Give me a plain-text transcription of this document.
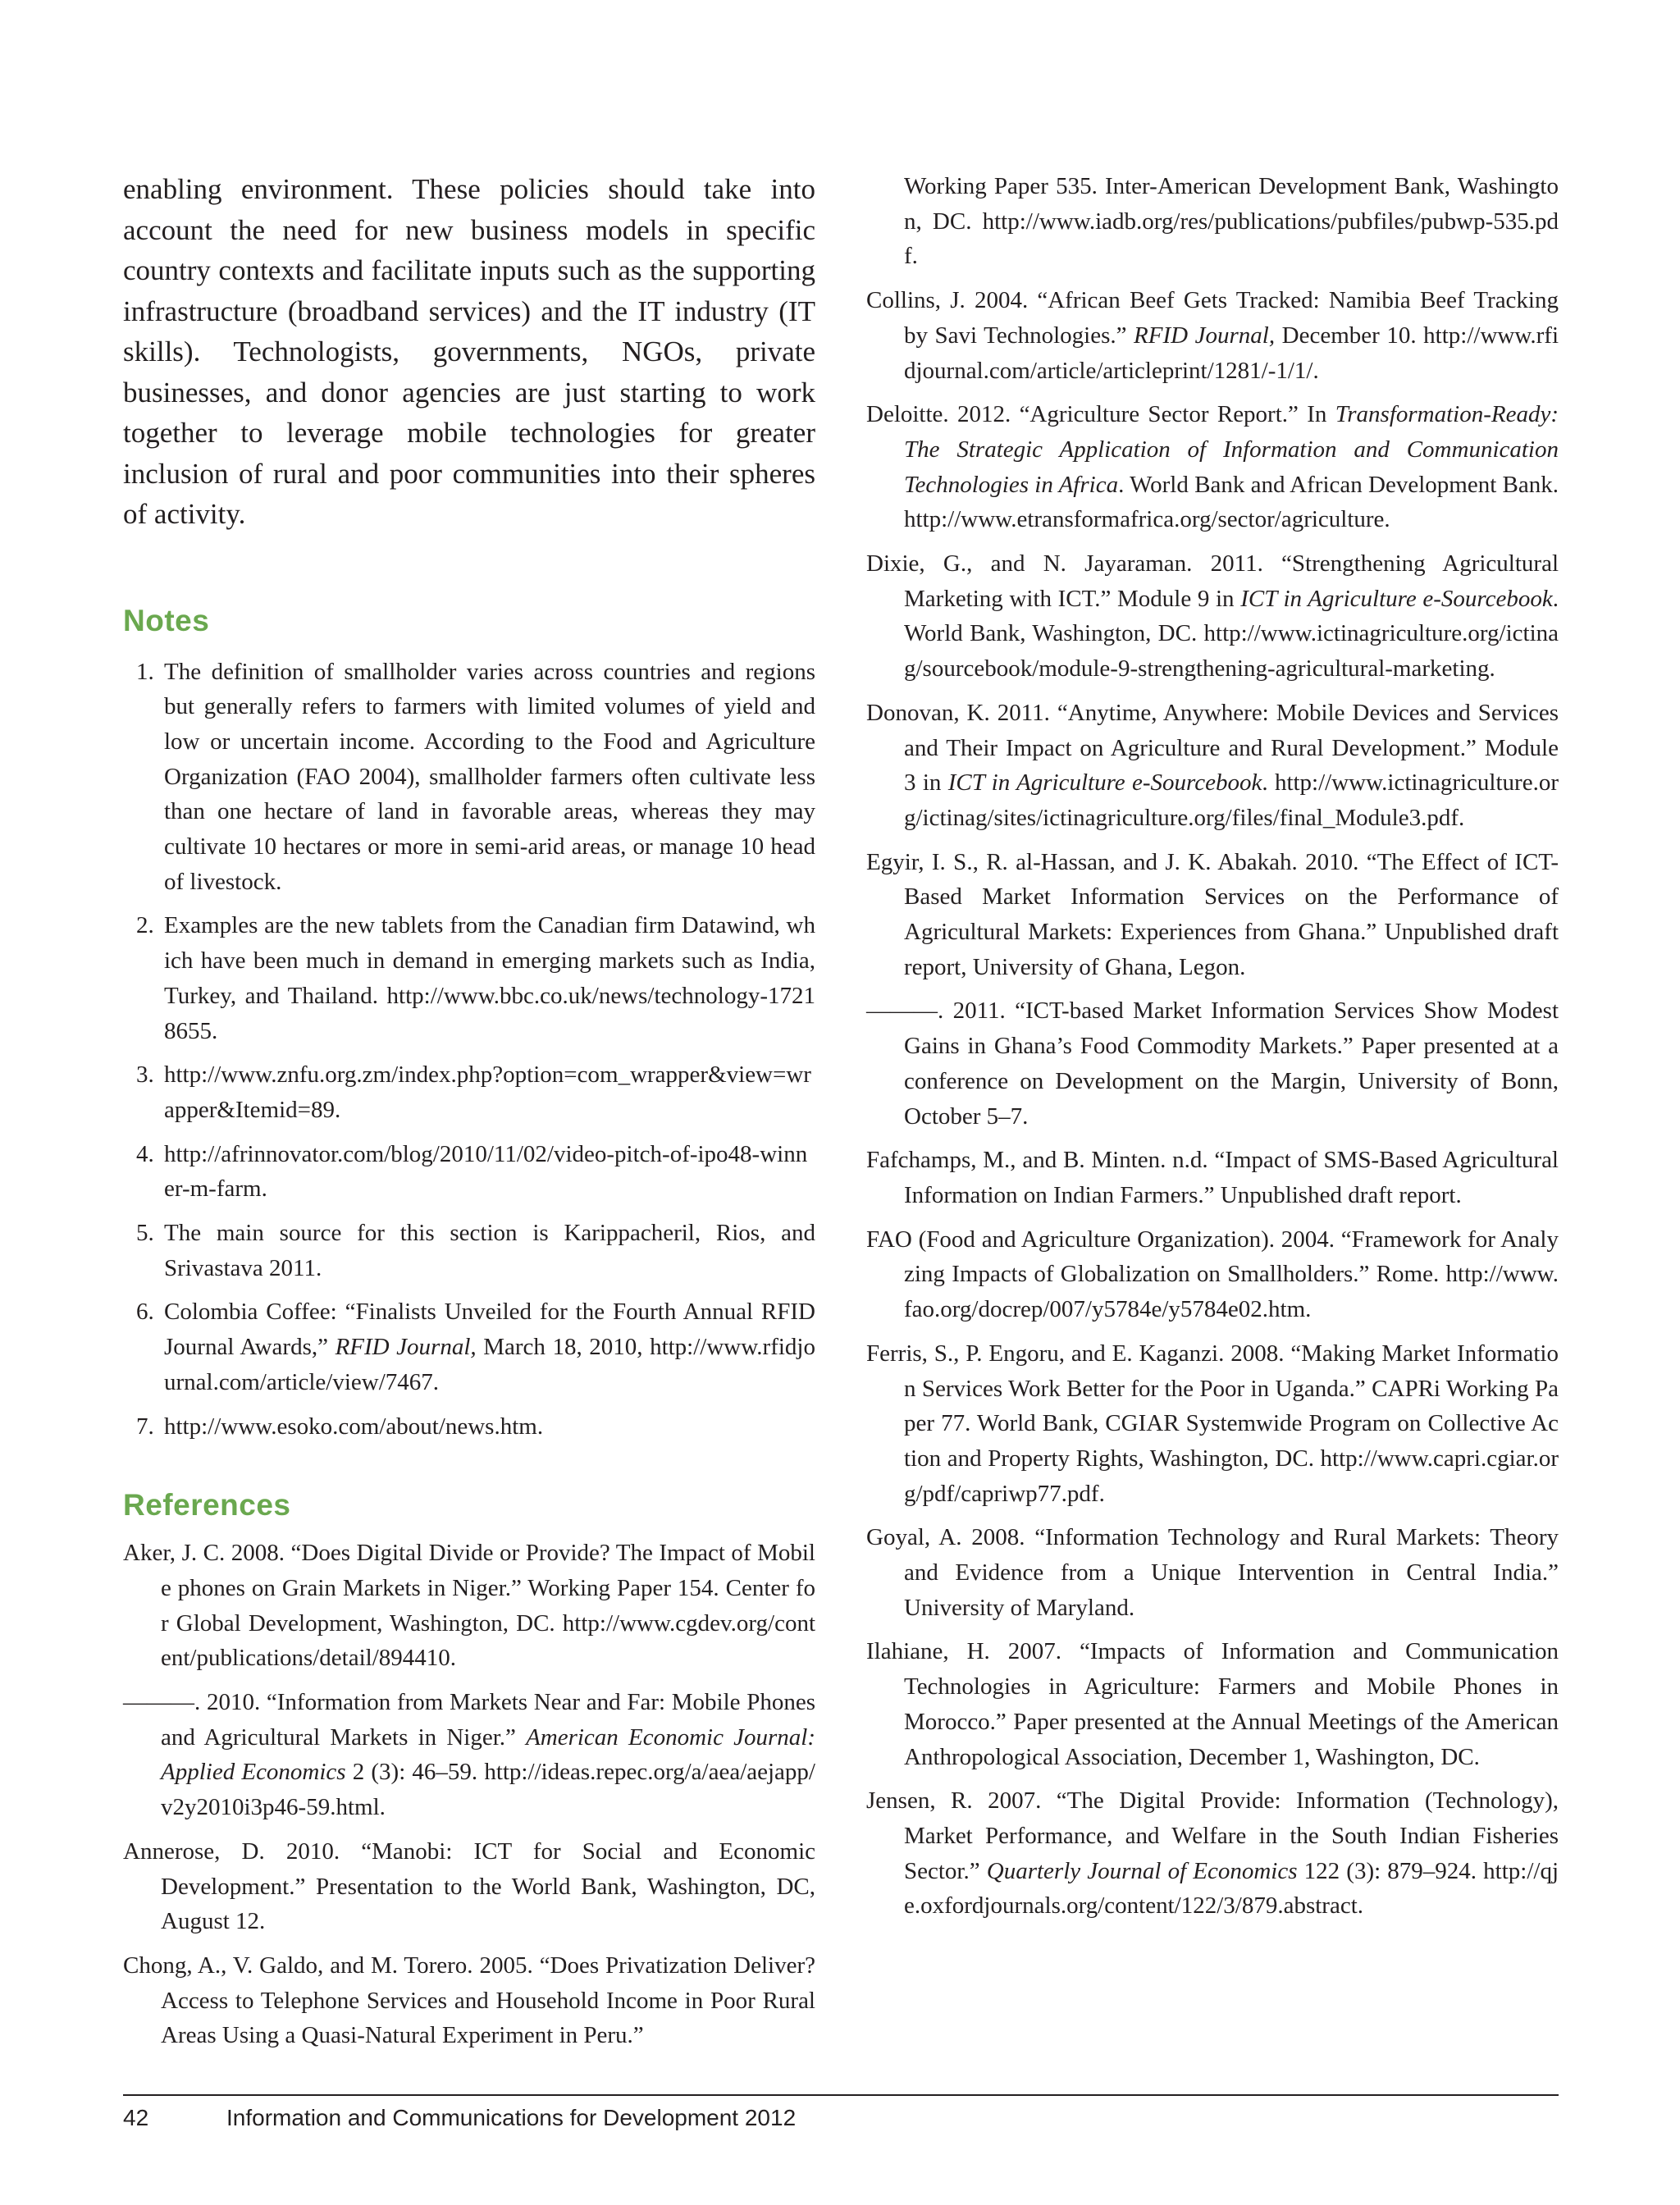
enabling environment. These policies should take into account the need for new business models in specific country contexts and facilitate inputs such as the supporting infrastructure (broadband services) and the IT industry (IT skills). Technologists, governments, NGOs, private businesses, and donor agencies are just starting to work together to leverage mobile technologies for greater inclusion of rural and poor communities into their spheres of activity.

Notes
1. The definition of smallholder varies across countries and regions but generally refers to farmers with limited volumes of yield and low or uncertain income. According to the Food and Agriculture Organization (FAO 2004), smallholder farmers often cultivate less than one hectare of land in favorable areas, whereas they may cultivate 10 hectares or more in semi-arid areas, or manage 10 head of livestock.
2. Examples are the new tablets from the Canadian firm Datawind, which have been much in demand in emerging markets such as India, Turkey, and Thailand. http://www.bbc.co.uk/news/technology-17218655.
3. http://www.znfu.org.zm/index.php?option=com_wrapper&view=wrapper&Itemid=89.
4. http://afrinnovator.com/blog/2010/11/02/video-pitch-of-ipo48-winner-m-farm.
5. The main source for this section is Karippacheril, Rios, and Srivastava 2011.
6. Colombia Coffee: “Finalists Unveiled for the Fourth Annual RFID Journal Awards,” RFID Journal, March 18, 2010, http://www.rfidjournal.com/article/view/7467.
7. http://www.esoko.com/about/news.htm.
References

Aker, J. C. 2008. “Does Digital Divide or Provide? The Impact of Mobile phones on Grain Markets in Niger.” Working Paper 154. Center for Global Development, Washington, DC. http://www.cgdev.org/content/publications/detail/894410.

———. 2010. “Information from Markets Near and Far: Mobile Phones and Agricultural Markets in Niger.” American Economic Journal: Applied Economics 2 (3): 46–59. http://ideas.repec.org/a/aea/aejapp/v2y2010i3p46-59.html.

Annerose, D. 2010. “Manobi: ICT for Social and Economic Development.” Presentation to the World Bank, Washington, DC, August 12.

Chong, A., V. Galdo, and M. Torero. 2005. “Does Privatization Deliver? Access to Telephone Services and Household Income in Poor Rural Areas Using a Quasi-Natural Experiment in Peru.”

Working Paper 535. Inter-American Development Bank, Washington, DC. http://www.iadb.org/res/publications/pubfiles/pubwp-535.pdf.

Collins, J. 2004. “African Beef Gets Tracked: Namibia Beef Tracking by Savi Technologies.” RFID Journal, December 10. http://www.rfidjournal.com/article/articleprint/1281/-1/1/.

Deloitte. 2012. “Agriculture Sector Report.” In Transformation-Ready: The Strategic Application of Information and Communication Technologies in Africa. World Bank and African Development Bank. http://www.etransformafrica.org/sector/agriculture.

Dixie, G., and N. Jayaraman. 2011. “Strengthening Agricultural Marketing with ICT.” Module 9 in ICT in Agriculture e-Sourcebook. World Bank, Washington, DC. http://www.ictinagriculture.org/ictinag/sourcebook/module-9-strengthening-agricultural-marketing.

Donovan, K. 2011. “Anytime, Anywhere: Mobile Devices and Services and Their Impact on Agriculture and Rural Development.” Module 3 in ICT in Agriculture e-Sourcebook. http://www.ictinagriculture.org/ictinag/sites/ictinagriculture.org/files/final_Module3.pdf.

Egyir, I. S., R. al-Hassan, and J. K. Abakah. 2010. “The Effect of ICT-Based Market Information Services on the Performance of Agricultural Markets: Experiences from Ghana.” Unpublished draft report, University of Ghana, Legon.

———. 2011. “ICT-based Market Information Services Show Modest Gains in Ghana’s Food Commodity Markets.” Paper presented at a conference on Development on the Margin, University of Bonn, October 5–7.

Fafchamps, M., and B. Minten. n.d. “Impact of SMS-Based Agricultural Information on Indian Farmers.” Unpublished draft report.

FAO (Food and Agriculture Organization). 2004. “Framework for Analyzing Impacts of Globalization on Smallholders.” Rome. http://www.fao.org/docrep/007/y5784e/y5784e02.htm.

Ferris, S., P. Engoru, and E. Kaganzi. 2008. “Making Market Information Services Work Better for the Poor in Uganda.” CAPRi Working Paper 77. World Bank, CGIAR Systemwide Program on Collective Action and Property Rights, Washington, DC. http://www.capri.cgiar.org/pdf/capriwp77.pdf.

Goyal, A. 2008. “Information Technology and Rural Markets: Theory and Evidence from a Unique Intervention in Central India.” University of Maryland.

Ilahiane, H. 2007. “Impacts of Information and Communication Technologies in Agriculture: Farmers and Mobile Phones in Morocco.” Paper presented at the Annual Meetings of the American Anthropological Association, December 1, Washington, DC.

Jensen, R. 2007. “The Digital Provide: Information (Technology), Market Performance, and Welfare in the South Indian Fisheries Sector.” Quarterly Journal of Economics 122 (3): 879–924. http://qje.oxfordjournals.org/content/122/3/879.abstract.

42	Information and Communications for Development 2012
